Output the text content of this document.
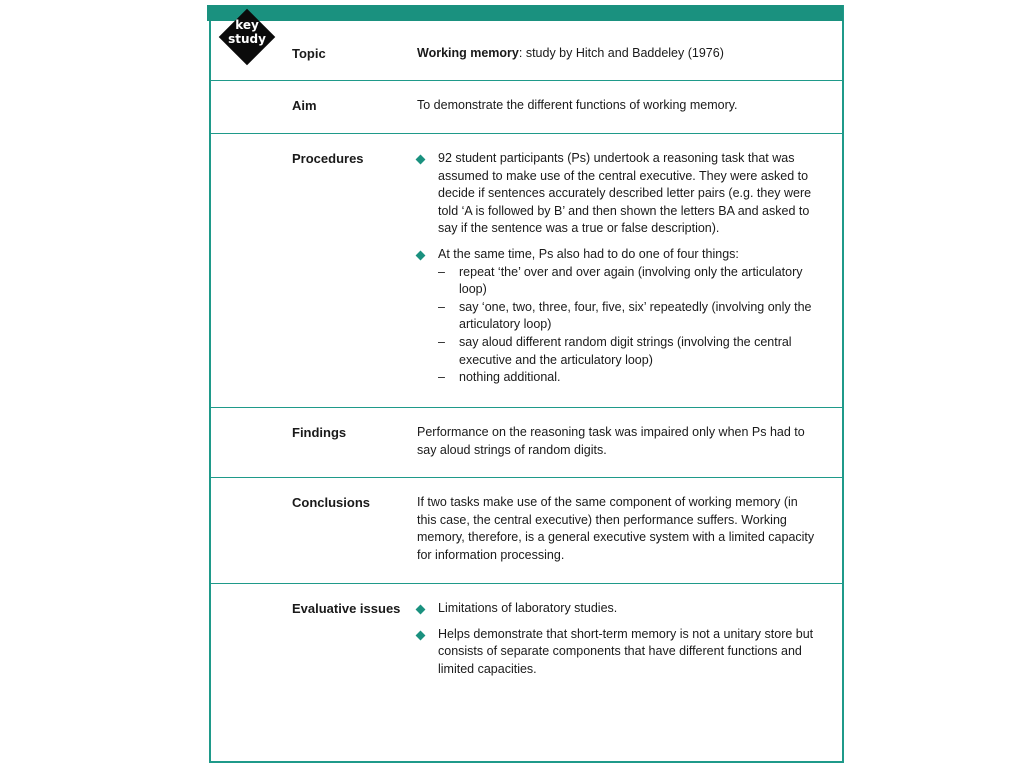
key
study
Topic	Working memory: study by Hitch and Baddeley (1976)

Aim	To demonstrate the different functions of working memory.

Procedures	92 student participants (Ps) undertook a reasoning task that was assumed to make use of the central executive. They were asked to decide if sentences accurately described letter pairs (e.g. they were told ‘A is followed by B’ and then shown the letters BA and asked to say if the sentence was a true or false description).
At the same time, Ps also had to do one of four things:
– repeat ‘the’ over and over again (involving only the articulatory loop)
– say ‘one, two, three, four, five, six’ repeatedly (involving only the articulatory loop)
– say aloud different random digit strings (involving the central executive and the articulatory loop)
– nothing additional.
Findings	Performance on the reasoning task was impaired only when Ps had to say aloud strings of random digits.

Conclusions	If two tasks make use of the same component of working memory (in this case, the central executive) then performance suffers. Working memory, therefore, is a general executive system with a limited capacity for information processing.

Evaluative issues	Limitations of laboratory studies.
Helps demonstrate that short-term memory is not a unitary store but consists of separate components that have different functions and limited capacities.
